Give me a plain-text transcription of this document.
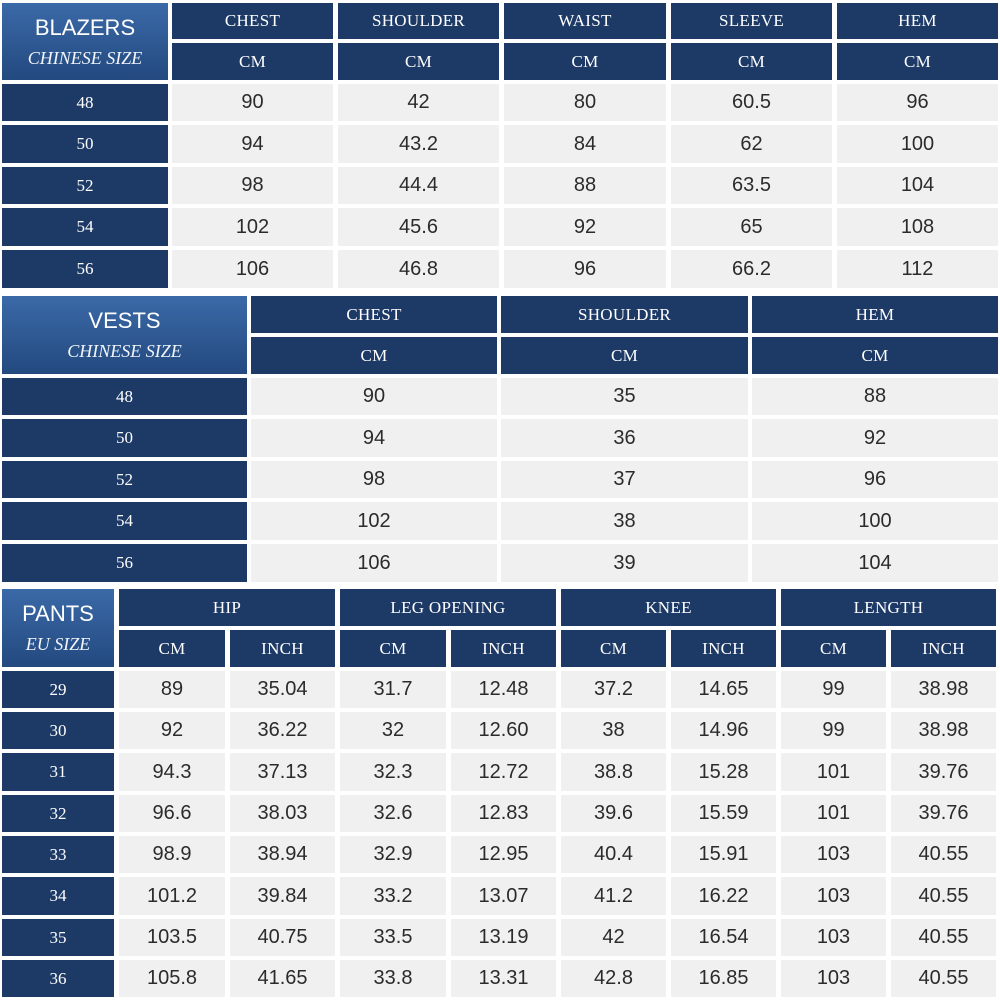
BLAZERS
CHINESE SIZE
CHEST
CM
SHOULDER
CM
WAIST
CM
SLEEVE
CM
HEM
CM
48	90	42	80	60.5	96
50	94	43.2	84	62	100
52	98	44.4	88	63.5	104
54	102	45.6	92	65	108
56	106	46.8	96	66.2	112
VESTS
CHINESE SIZE
CHEST
CM
SHOULDER
CM
HEM
CM
48	90	35	88
50	94	36	92
52	98	37	96
54	102	38	100
56	106	39	104
PANTS
EU SIZE
HIP	LEG OPENING	KNEE	LENGTH
CM	INCH	CM	INCH	CM	INCH	CM	INCH
29	89	35.04	31.7	12.48	37.2	14.65	99	38.98
30	92	36.22	32	12.60	38	14.96	99	38.98
31	94.3	37.13	32.3	12.72	38.8	15.28	101	39.76
32	96.6	38.03	32.6	12.83	39.6	15.59	101	39.76
33	98.9	38.94	32.9	12.95	40.4	15.91	103	40.55
34	101.2	39.84	33.2	13.07	41.2	16.22	103	40.55
35	103.5	40.75	33.5	13.19	42	16.54	103	40.55
36	105.8	41.65	33.8	13.31	42.8	16.85	103	40.55
